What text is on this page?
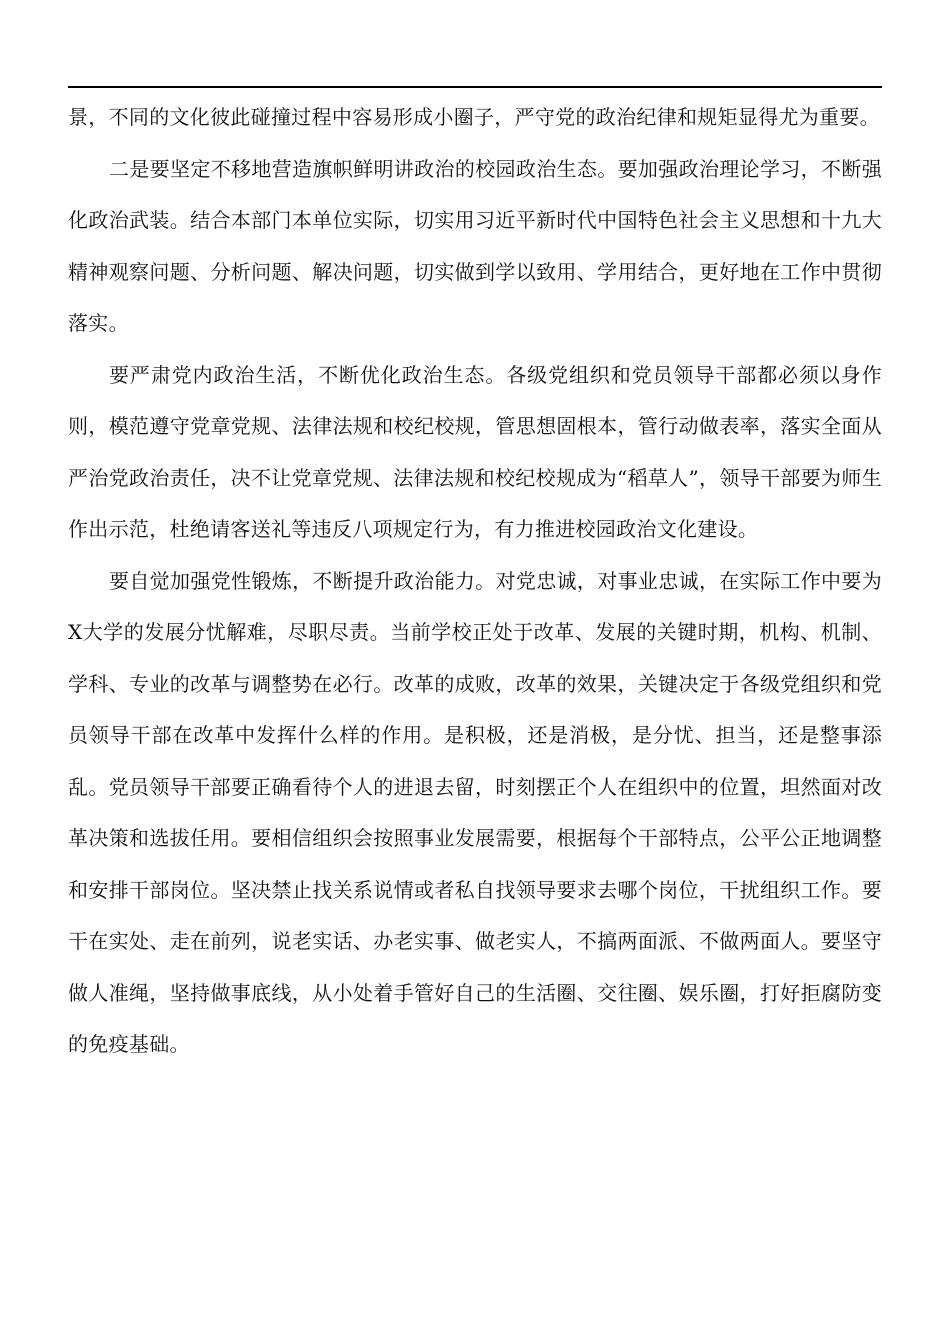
景，不同的文化彼此碰撞过程中容易形成小圈子，严守党的政治纪律和规矩显得尤为重要。

二是要坚定不移地营造旗帜鲜明讲政治的校园政治生态。要加强政治理论学习，不断强化政治武装。结合本部门本单位实际，切实用习近平新时代中国特色社会主义思想和十九大精神观察问题、分析问题、解决问题，切实做到学以致用、学用结合，更好地在工作中贯彻落实。

要严肃党内政治生活，不断优化政治生态。各级党组织和党员领导干部都必须以身作则，模范遵守党章党规、法律法规和校纪校规，管思想固根本，管行动做表率，落实全面从严治党政治责任，决不让党章党规、法律法规和校纪校规成为“稻草人”，领导干部要为师生作出示范，杜绝请客送礼等违反八项规定行为，有力推进校园政治文化建设。

要自觉加强党性锻炼，不断提升政治能力。对党忠诚，对事业忠诚，在实际工作中要为X大学的发展分忧解难，尽职尽责。当前学校正处于改革、发展的关键时期，机构、机制、学科、专业的改革与调整势在必行。改革的成败，改革的效果，关键决定于各级党组织和党员领导干部在改革中发挥什么样的作用。是积极，还是消极，是分忧、担当，还是整事添乱。党员领导干部要正确看待个人的进退去留，时刻摆正个人在组织中的位置，坦然面对改革决策和选拔任用。要相信组织会按照事业发展需要，根据每个干部特点，公平公正地调整和安排干部岗位。坚决禁止找关系说情或者私自找领导要求去哪个岗位，干扰组织工作。要干在实处、走在前列，说老实话、办老实事、做老实人，不搞两面派、不做两面人。要坚守做人准绳，坚持做事底线，从小处着手管好自己的生活圈、交往圈、娱乐圈，打好拒腐防变的免疫基础。
